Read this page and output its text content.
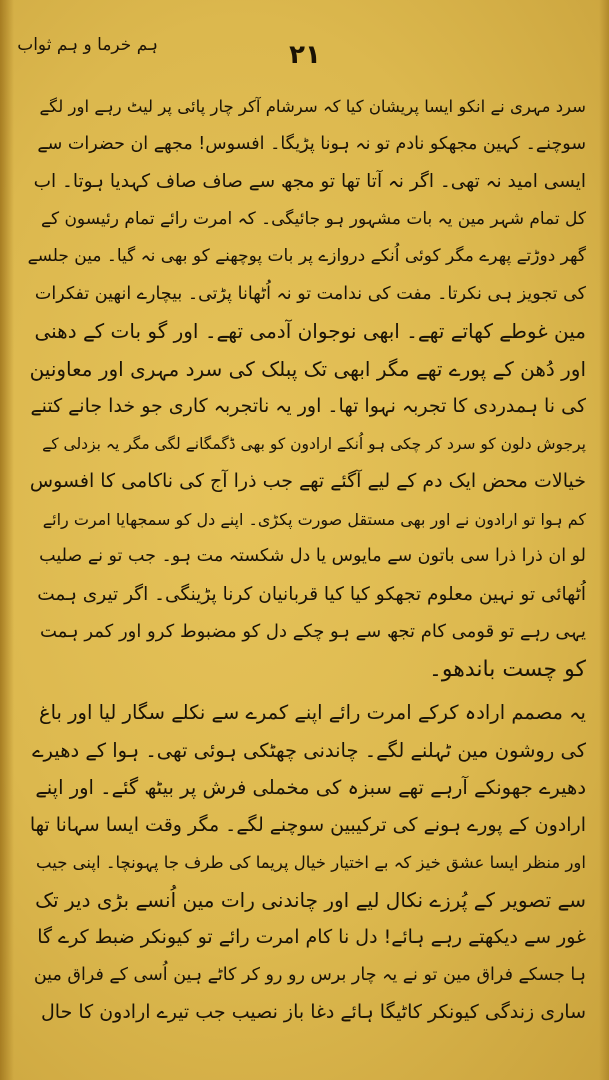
ہم خرما و ہم ثواب	۲۱
سرد مہری نے انکو ایسا پریشان کیا کہ سرشام آکر چار پائی پر لیٹ رہے اور لگے
سوچنے۔ کہین مجھکو نادم تو نہ ہونا پڑیگا۔ افسوس! مجھے ان حضرات سے
ایسی امید نہ تھی۔ اگر نہ آتا تھا تو مجھ سے صاف صاف کہدیا ہوتا۔ اب
کل تمام شہر مین یہ بات مشہور ہو جائیگی۔ کہ امرت رائے تمام رئیسون کے
گھر دوڑتے پھرے مگر کوئی اُنکے دروازے پر بات پوچھنے کو بھی نہ گیا۔ مین جلسے
کی تجویز ہی نکرتا۔ مفت کی ندامت تو نہ اُٹھانا پڑتی۔ بیچارے انھین تفکرات
مین غوطے کھاتے تھے۔ ابھی نوجوان آدمی تھے۔ اور گو بات کے دھنی
اور دُھن کے پورے تھے مگر ابھی تک پبلک کی سرد مہری اور معاونین
کی نا ہمدردی کا تجربہ نہوا تھا۔ اور یہ ناتجربہ کاری جو خدا جانے کتنے
پرجوش دلون کو سرد کر چکی ہو اُنکے ارادون کو بھی ڈگمگانے لگی مگر یہ بزدلی کے
خیالات محض ایک دم کے لیے آگئے تھے جب ذرا آج کی ناکامی کا افسوس
کم ہوا تو ارادون نے اور بھی مستقل صورت پکڑی۔ اپنے دل کو سمجھایا امرت رائے
لو ان ذرا ذرا سی باتون سے مایوس یا دل شکستہ مت ہو۔ جب تو نے صلیب
اُٹھائی تو نہین معلوم تجھکو کیا کیا قربانیان کرنا پڑینگی۔ اگر تیری ہمت
یہی رہے تو قومی کام تجھ سے ہو چکے دل کو مضبوط کرو اور کمر ہمت
کو چست باندھو۔
یہ مصمم ارادہ کرکے امرت رائے اپنے کمرے سے نکلے سگار لیا اور باغ
کی روشون مین ٹہلنے لگے۔ چاندنی چھٹکی ہوئی تھی۔ ہوا کے دھیرے
دھیرے جھونکے آرہے تھے سبزہ کی مخملی فرش پر بیٹھ گئے۔ اور اپنے
ارادون کے پورے ہونے کی ترکیبین سوچنے لگے۔ مگر وقت ایسا سہانا تھا
اور منظر ایسا عشق خیز کہ بے اختیار خیال پریما کی طرف جا پہونچا۔ اپنی جیب
سے تصویر کے پُرزے نکال لیے اور چاندنی رات مین اُنسے بڑی دیر تک
غور سے دیکھتے رہے ہائے! دل نا کام امرت رائے تو کیونکر ضبط کرے گا
ہا جسکے فراق مین تو نے یہ چار برس رو رو کر کاٹے ہین اُسی کے فراق مین
ساری زندگی کیونکر کاٹیگا ہائے دغا باز نصیب جب تیرے ارادون کا حال
